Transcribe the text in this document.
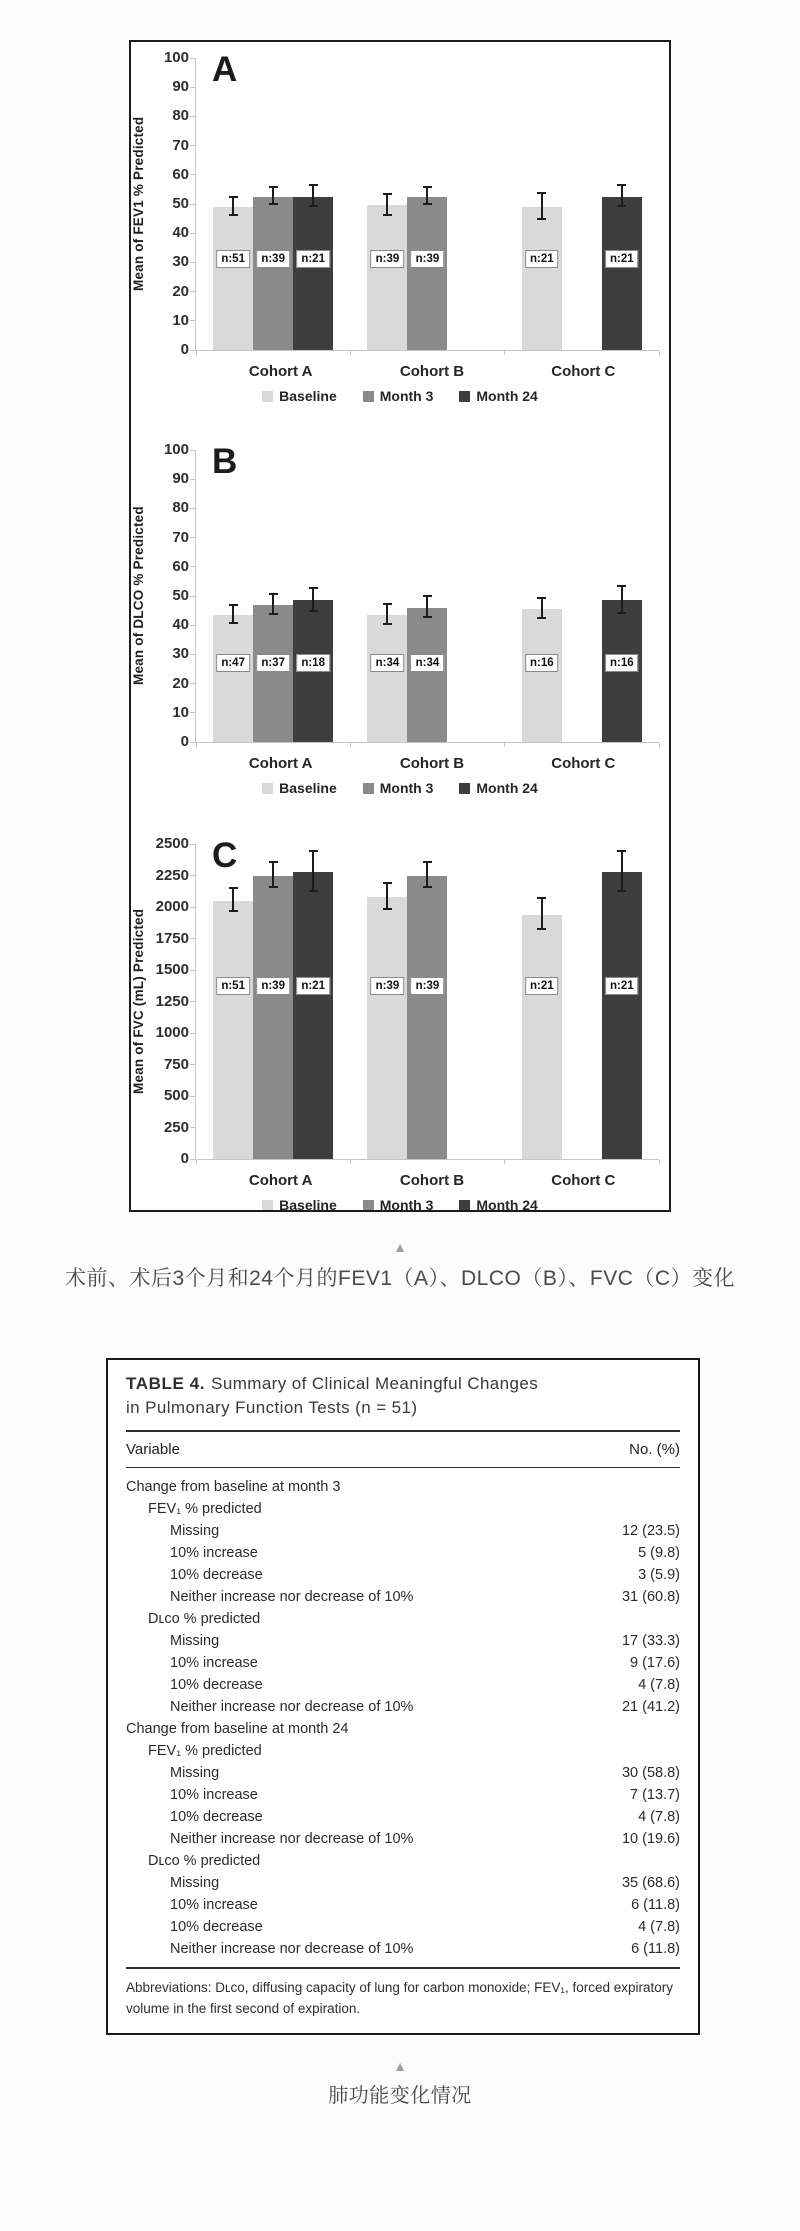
Mean of FEV1 % Predicted
0
10
20
30
40
50
60
70
80
90
100 A
n:51	n:39	n:21	n:39	n:39	n:21	n:21
Cohort A	Cohort B	Cohort C
Baseline	Month 3	Month 24
Mean of DLCO % Predicted
0
10
20
30
40
50
60
70
80
90
100 B
n:47	n:37	n:18	n:34	n:34	n:16	n:16
Cohort A	Cohort B	Cohort C
Baseline	Month 3	Month 24
Mean of FVC (mL) Predicted
0
250
500
750
1000
1250
1500
1750
2000
2250
2500 C
n:51	n:39	n:21	n:39	n:39	n:21	n:21
Cohort A	Cohort B	Cohort C
Baseline	Month 3	Month 24
▲
术前、术后3个月和24个月的FEV1（A）、DLCO（B）、FVC（C）变化
TABLE 4. Summary of Clinical Meaningful Changes
in Pulmonary Function Tests (n = 51)
Variable	No. (%)
Change from baseline at month 3
FEV₁ % predicted
Missing	12 (23.5)
10% increase	5 (9.8)
10% decrease	3 (5.9)
Neither increase nor decrease of 10%	31 (60.8)
Dʟᴄᴏ % predicted
Missing	17 (33.3)
10% increase	9 (17.6)
10% decrease	4 (7.8)
Neither increase nor decrease of 10%	21 (41.2)
Change from baseline at month 24
FEV₁ % predicted
Missing	30 (58.8)
10% increase	7 (13.7)
10% decrease	4 (7.8)
Neither increase nor decrease of 10%	10 (19.6)
Dʟᴄᴏ % predicted
Missing	35 (68.6)
10% increase	6 (11.8)
10% decrease	4 (7.8)
Neither increase nor decrease of 10%	6 (11.8)
Abbreviations: Dʟᴄᴏ, diffusing capacity of lung for carbon monoxide; FEV₁, forced expiratory volume in the first second of expiration.
▲
肺功能变化情况
